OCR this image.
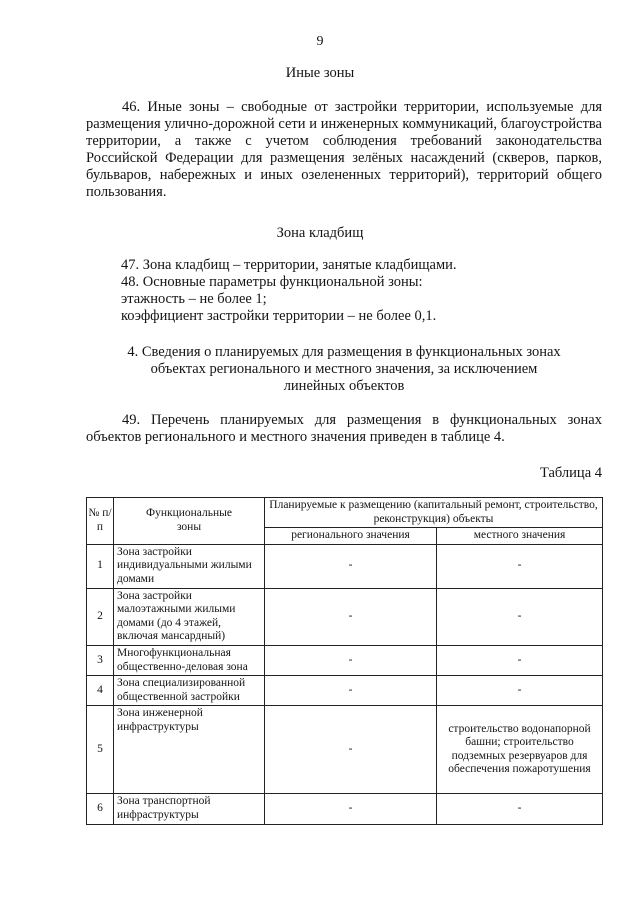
9
Иные зоны
46. Иные зоны – свободные от застройки территории, используемые для размещения улично-дорожной сети и инженерных коммуникаций, благоустройства территории, а также с учетом соблюдения требований законодательства Российской Федерации для размещения зелёных насаждений (скверов, парков, бульваров, набережных и иных озелененных территорий), территорий общего пользования.
Зона кладбищ
47. Зона кладбищ – территории, занятые кладбищами.
48. Основные параметры функциональной зоны:
этажность – не более 1;
коэффициент застройки территории – не более 0,1.
4. Сведения о планируемых для размещения в функциональных зонах
объектах регионального и местного значения, за исключением
линейных объектов
49. Перечень планируемых для размещения в функциональных зонах объектов регионального и местного значения приведен в таблице 4.
Таблица 4
№ п/п	Функциональные зоны	Планируемые к размещению (капитальный ремонт, строительство, реконструкция) объекты	
		регионального значения	местного значения
1	Зона застройки индивидуальными жилыми домами	-	-
2	Зона застройки малоэтажными жилыми домами (до 4 этажей, включая мансардный)	-	-
3	Многофункциональная общественно-деловая зона	-	-
4	Зона специализированной общественной застройки	-	-
5	Зона инженерной инфраструктуры	-	строительство водонапорной башни; строительство подземных резервуаров для обеспечения пожаротушения
6	Зона транспортной инфраструктуры	-	-
